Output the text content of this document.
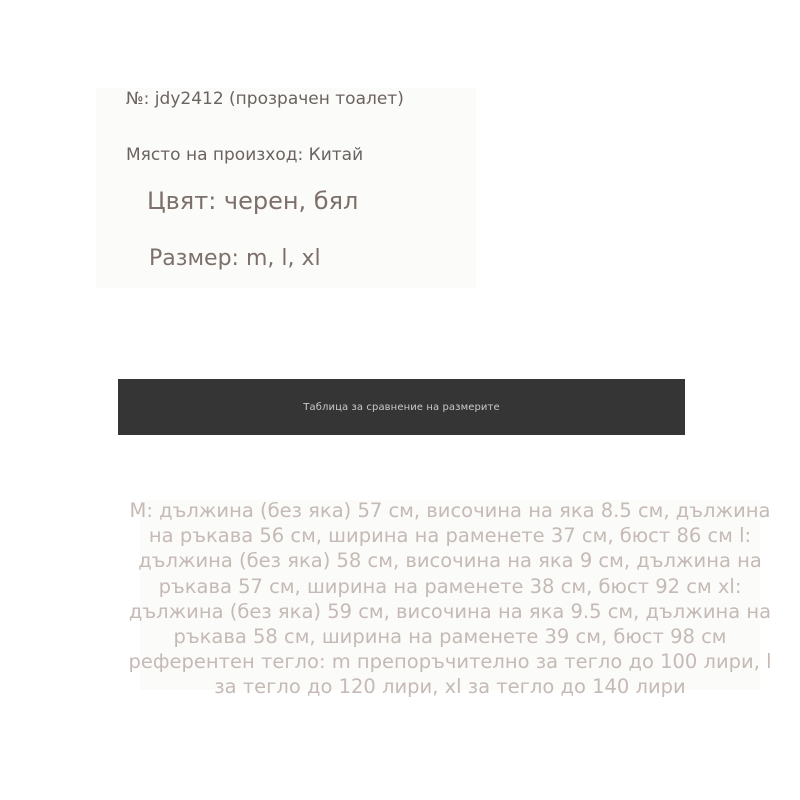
№: jdy2412 (прозрачен тоалет)
Място на произход: Китай
Цвят: черен, бял
Размер: m, l, xl
Таблица за сравнение на размерите
M: дължина (без яка) 57 см, височина на яка 8.5 см, дължина на ръкава 56 см, ширина на раменете 37 см, бюст 86 см l: дължина (без яка) 58 см, височина на яка 9 см, дължина на ръкава 57 см, ширина на раменете 38 см, бюст 92 см xl: дължина (без яка) 59 см, височина на яка 9.5 см, дължина на ръкава 58 см, ширина на раменете 39 см, бюст 98 см референтен тегло: m препоръчително за тегло до 100 лири, l за тегло до 120 лири, xl за тегло до 140 лири
